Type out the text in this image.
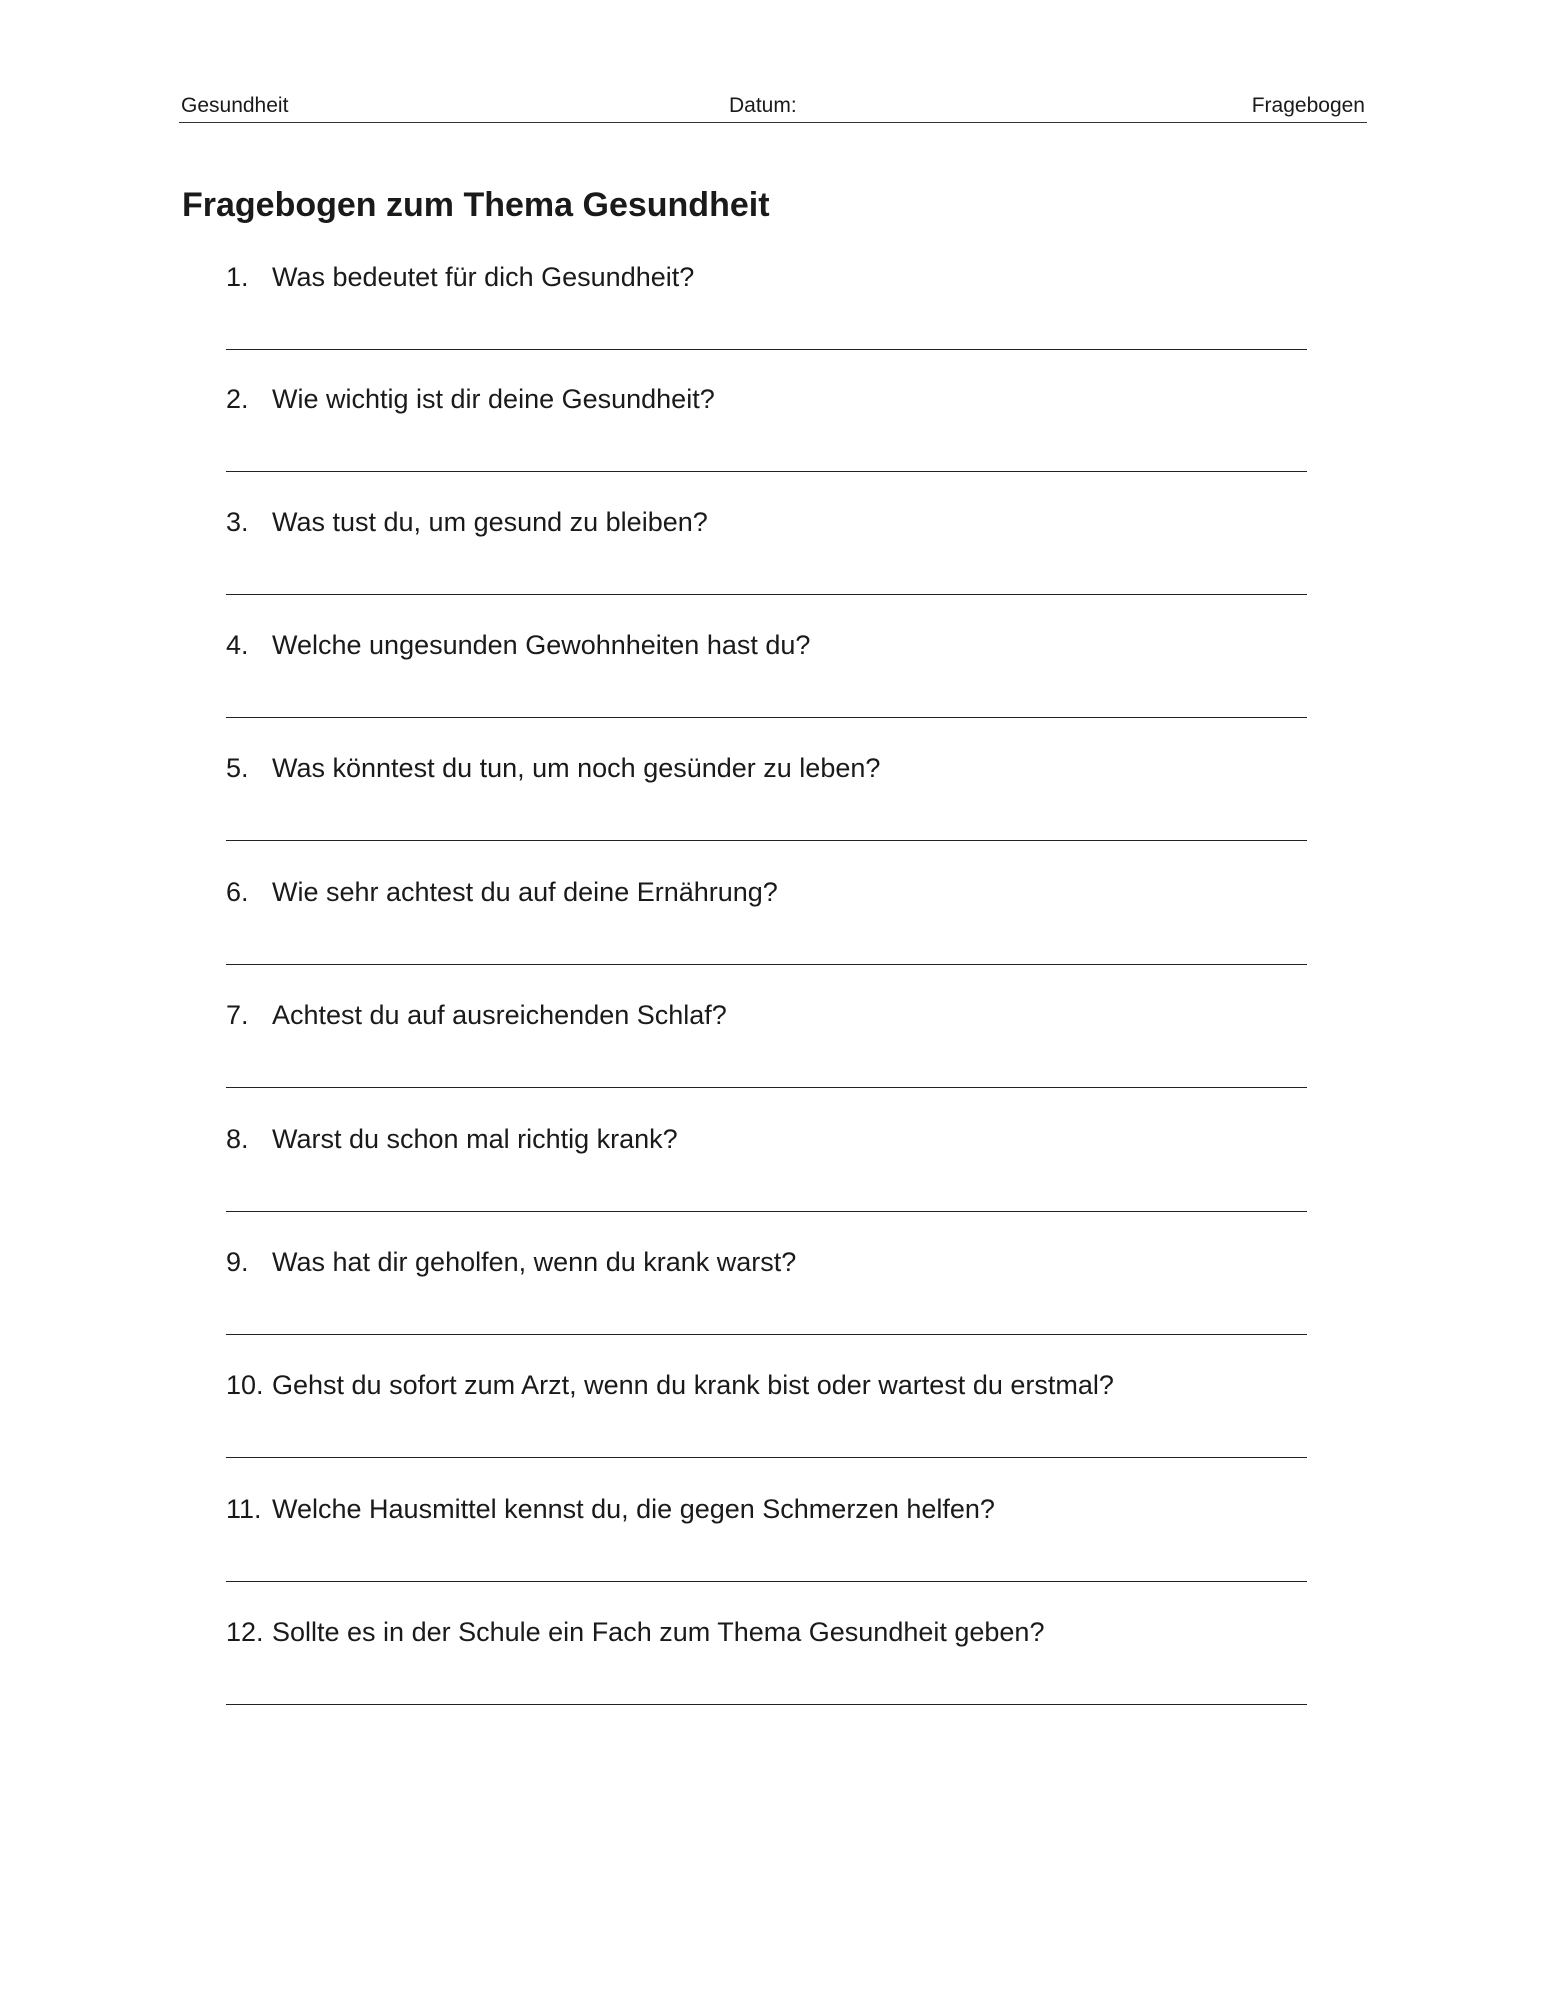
Gesundheit	Datum:	Fragebogen
Fragebogen zum Thema Gesundheit
1. Was bedeutet für dich Gesundheit?
2. Wie wichtig ist dir deine Gesundheit?
3. Was tust du, um gesund zu bleiben?
4. Welche ungesunden Gewohnheiten hast du?
5. Was könntest du tun, um noch gesünder zu leben?
6. Wie sehr achtest du auf deine Ernährung?
7. Achtest du auf ausreichenden Schlaf?
8. Warst du schon mal richtig krank?
9. Was hat dir geholfen, wenn du krank warst?
10. Gehst du sofort zum Arzt, wenn du krank bist oder wartest du erstmal?
11. Welche Hausmittel kennst du, die gegen Schmerzen helfen?
12. Sollte es in der Schule ein Fach zum Thema Gesundheit geben?
